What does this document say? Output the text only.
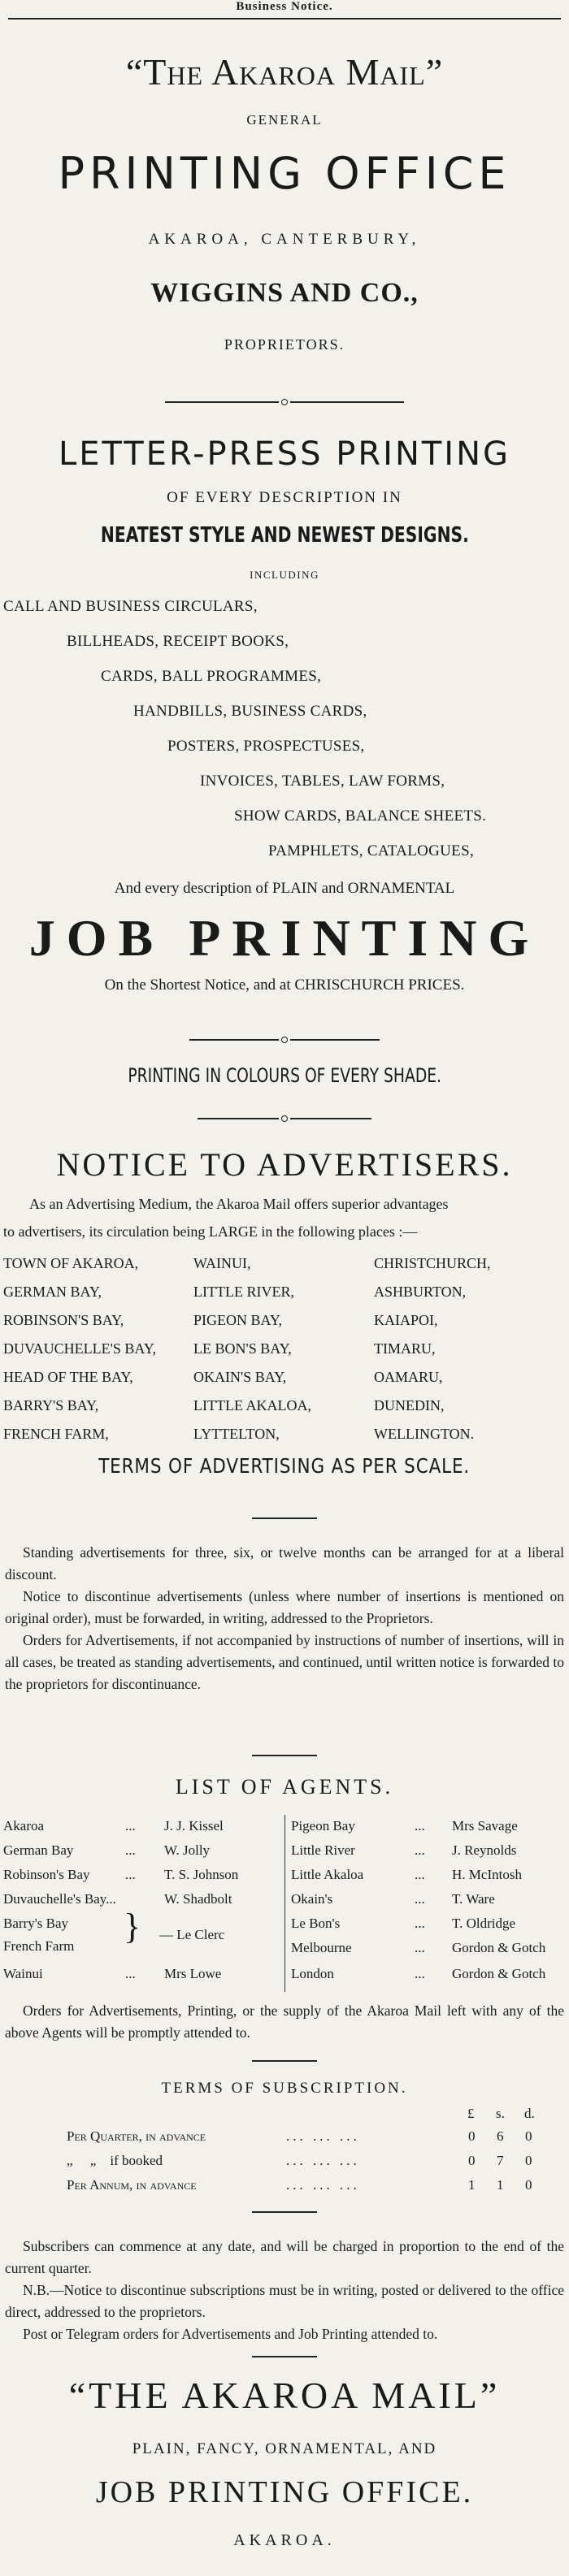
Business Notice.
“The Akaroa Mail”
GENERAL
PRINTING OFFICE
AKAROA, CANTERBURY,
WIGGINS AND CO.,
PROPRIETORS.
LETTER-PRESS PRINTING
OF EVERY DESCRIPTION IN
NEATEST STYLE AND NEWEST DESIGNS.
INCLUDING
CALL AND BUSINESS CIRCULARS,
BILLHEADS, RECEIPT BOOKS,
CARDS, BALL PROGRAMMES,
HANDBILLS, BUSINESS CARDS,
POSTERS, PROSPECTUSES,
INVOICES, TABLES, LAW FORMS,
SHOW CARDS, BALANCE SHEETS.
PAMPHLETS, CATALOGUES,
And every description of PLAIN and ORNAMENTAL
JOB PRINTING
On the Shortest Notice, and at CHRISCHURCH PRICES.
PRINTING IN COLOURS OF EVERY SHADE.
NOTICE TO ADVERTISERS.
As an Advertising Medium, the Akaroa Mail offers superior advantages
to advertisers, its circulation being LARGE in the following places :—
TOWN OF AKAROA,	WAINUI,	CHRISTCHURCH,
GERMAN BAY,	LITTLE RIVER,	ASHBURTON,
ROBINSON'S BAY,	PIGEON BAY,	KAIAPOI,
DUVAUCHELLE'S BAY,	LE BON'S BAY,	TIMARU,
HEAD OF THE BAY,	OKAIN'S BAY,	OAMARU,
BARRY'S BAY,	LITTLE AKALOA,	DUNEDIN,
FRENCH FARM,	LYTTELTON,	WELLINGTON.
TERMS OF ADVERTISING AS PER SCALE.

Standing advertisements for three, six, or twelve months can be arranged for at a liberal discount.

Notice to discontinue advertisements (unless where number of insertions is mentioned on original order), must be forwarded, in writing, addressed to the Proprietors.

Orders for Advertisements, if not accompanied by instructions of number of insertions, will in all cases, be treated as standing advertisements, and continued, until written notice is forwarded to the proprietors for discontinuance.

LIST OF AGENTS.
Akaroa	... J. J. Kissel
German Bay	... W. Jolly
Robinson's Bay	... T. S. Johnson
Duvauchelle's Bay...	W. Shadbolt
Barry's Bay
French Farm } — Le Clerc
Wainui	... Mrs Lowe
Pigeon Bay	... Mrs Savage
Little River	... J. Reynolds
Little Akaloa	... H. McIntosh
Okain's	... T. Ware
Le Bon's	... T. Oldridge
Melbourne	... Gordon & Gotch
London	... Gordon & Gotch

Orders for Advertisements, Printing, or the supply of the Akaroa Mail left with any of the above Agents will be promptly attended to.

TERMS OF SUBSCRIPTION.
£ s. d.
Per Quarter, in advance	... ... ...	0 6 0
„     „    if booked	... ... ...	0 7 0
Per Annum, in advance	... ... ...	1 1 0

Subscribers can commence at any date, and will be charged in proportion to the end of the current quarter.

N.B.—Notice to discontinue subscriptions must be in writing, posted or delivered to the office direct, addressed to the proprietors.

Post or Telegram orders for Advertisements and Job Printing attended to.

“THE AKAROA MAIL”
PLAIN, FANCY, ORNAMENTAL, AND
JOB PRINTING OFFICE.
AKAROA.
